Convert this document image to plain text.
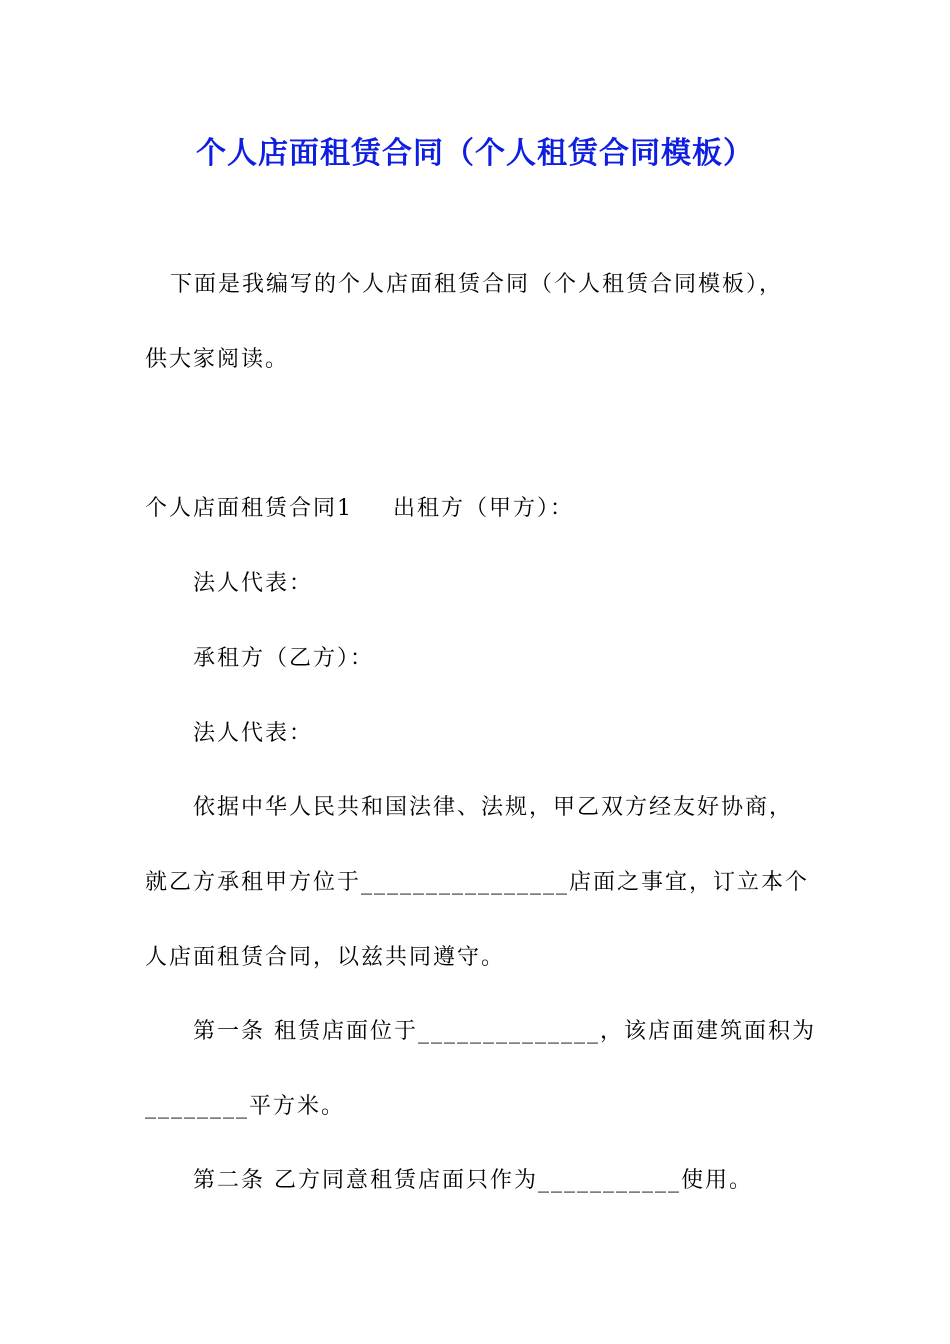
个人店面租赁合同（个人租赁合同模板）
下面是我编写的个人店面租赁合同（个人租赁合同模板），
供大家阅读。
个人店面租赁合同1 出租方（甲方）：
法人代表：
承租方（乙方）：
法人代表：
依据中华人民共和国法律、法规，甲乙双方经友好协商，
就乙方承租甲方位于________________店面之事宜，订立本个
人店面租赁合同，以兹共同遵守。
第一条 租赁店面位于______________，该店面建筑面积为
________平方米。
第二条 乙方同意租赁店面只作为___________使用。
